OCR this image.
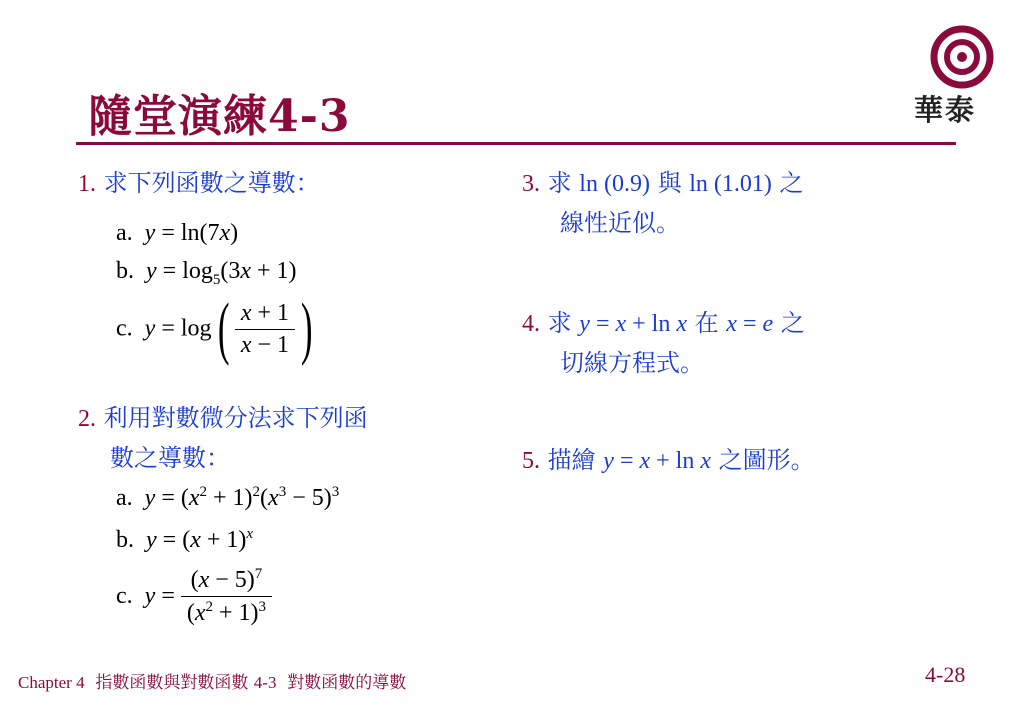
隨堂演練4-3	華泰
1. 求下列函數之導數：
a. y = ln(7x)
b. $y = \log_5(3x + 1)$
c. $y = \log( \frac{x + 1}{x - 1}$ )
2. 利用對數微分法求下列函
數之導數：
a. $y = (x^2 + 1)^2(x^3 - 5)^3$
b. $y = (x + 1)^x$
c. $y = \frac{(x - 5)^7}{(x^2 + 1)^3}$
3. 求 ln (0.9) 與 ln (1.01) 之
線性近似。
4. 求 y = x + ln x 在 x = e 之
切線方程式。
5. 描繪 y = x + ln x 之圖形。
Chapter 4 指數函數與對數函數 4-3 對數函數的導數	4-28
